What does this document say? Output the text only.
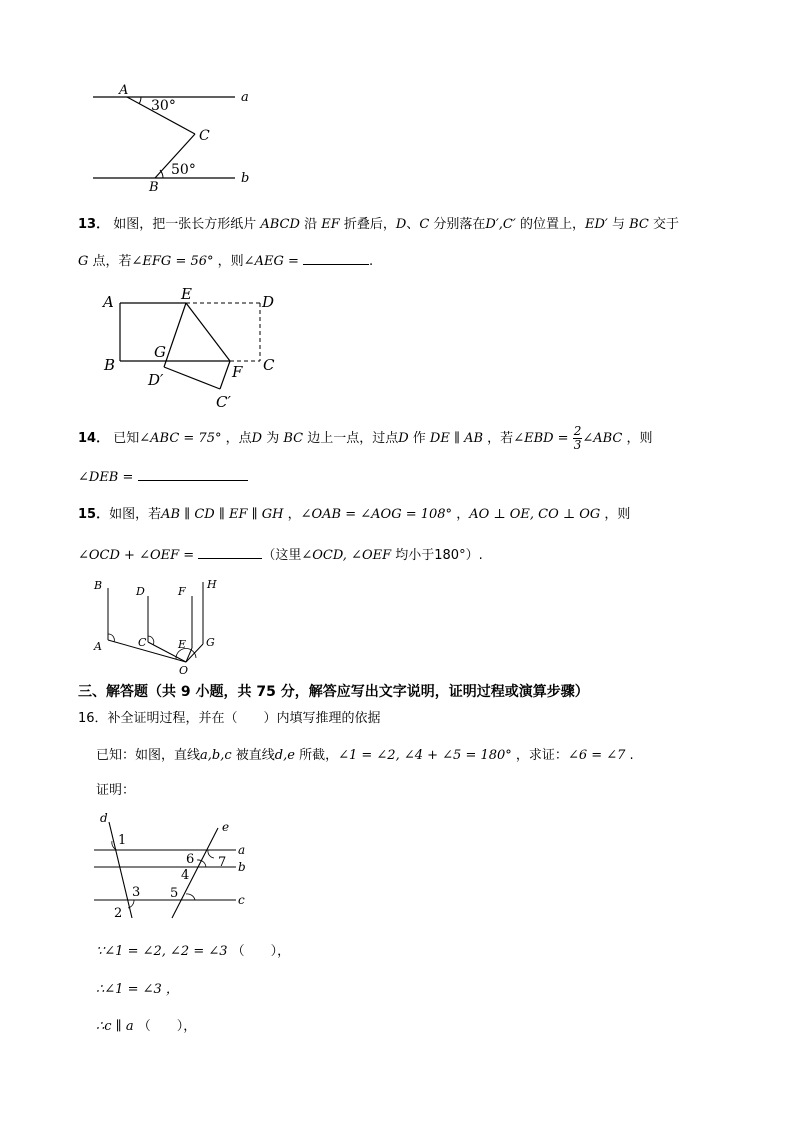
A
30°
C
50°
B
a
b
13． 如图，把一张长方形纸片 ABCD 沿 EF 折叠后，D、C 分别落在D′,C′ 的位置上，ED′ 与 BC 交于
G 点，若∠EFG = 56° ，则∠AEG =	.
A	E	D
B
G
C
F
D′
C′
14． 已知∠ABC = 75° ，点D 为 BC 边上一点，过点D 作 DE ∥ AB ，若∠EBD = $\frac{2}{3}$ ∠ABC ，则
∠DEB =
15．如图，若AB ∥ CD ∥ EF ∥ GH ，∠OAB = ∠AOG = 108° ，AO ⊥ OE, CO ⊥ OG ，则
∠OCD + ∠OEF =	（这里∠OCD, ∠OEF 均小于180°）.
B	D	F
H
A	C	E G
O
三、解答题（共 9 小题，共 75 分，解答应写出文字说明，证明过程或演算步骤）
16．补全证明过程，并在（　　）内填写推理的依据
已知：如图，直线a,b,c 被直线d,e 所截，∠1 = ∠2, ∠4 + ∠5 = 180° ，求证：∠6 = ∠7 .
证明：
d
e
a
b
c
1
2
3
4
5
6 7
∵∠1 = ∠2, ∠2 = ∠3 （　　），
∴∠1 = ∠3 ，
∴c ∥ a （　　），
